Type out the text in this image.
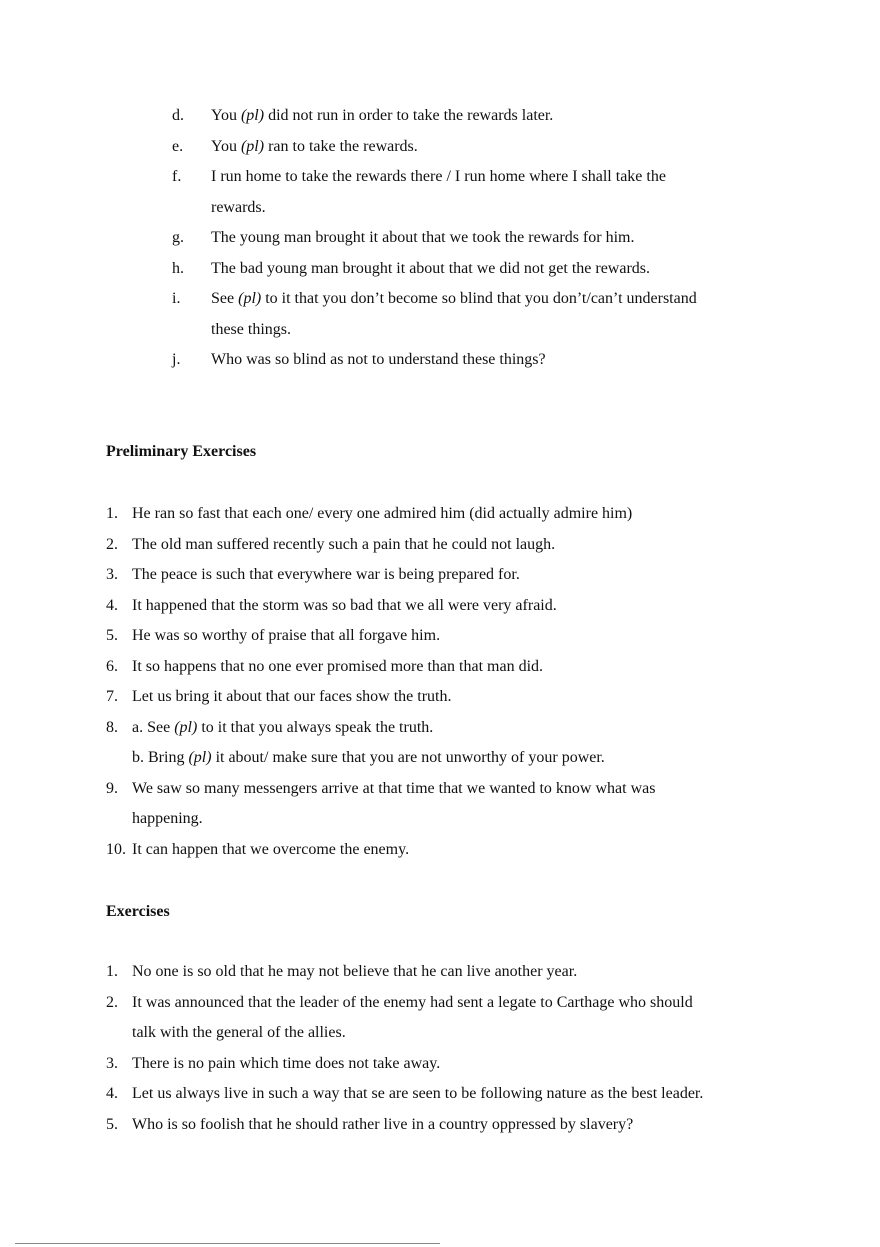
d. You (pl) did not run in order to take the rewards later.
e. You (pl) ran to take the rewards.
f. I run home to take the rewards there / I run home where I shall take the
rewards.
g. The young man brought it about that we took the rewards for him.
h. The bad young man brought it about that we did not get the rewards.
i. See (pl) to it that you don’t become so blind that you don’t/can’t understand
these things.
j. Who was so blind as not to understand these things?
Preliminary Exercises
1. He ran so fast that each one/ every one admired him (did actually admire him)
2. The old man suffered recently such a pain that he could not laugh.
3. The peace is such that everywhere war is being prepared for.
4. It happened that the storm was so bad that we all were very afraid.
5. He was so worthy of praise that all forgave him.
6. It so happens that no one ever promised more than that man did.
7. Let us bring it about that our faces show the truth.
8. a. See (pl) to it that you always speak the truth.
b. Bring (pl) it about/ make sure that you are not unworthy of your power.
9. We saw so many messengers arrive at that time that we wanted to know what was
happening.
10. It can happen that we overcome the enemy.
Exercises
1. No one is so old that he may not believe that he can live another year.
2. It was announced that the leader of the enemy had sent a legate to Carthage who should
talk with the general of the allies.
3. There is no pain which time does not take away.
4. Let us always live in such a way that se are seen to be following nature as the best leader.
5. Who is so foolish that he should rather live in a country oppressed by slavery?
